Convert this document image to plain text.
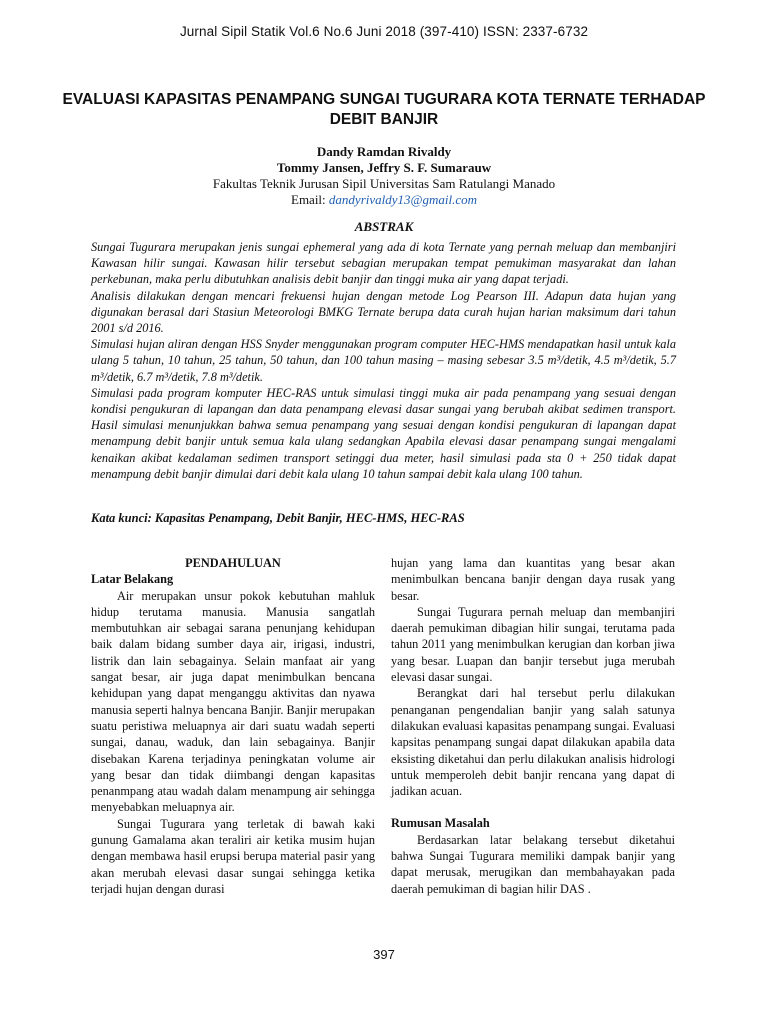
Jurnal Sipil Statik Vol.6 No.6 Juni 2018 (397-410) ISSN: 2337-6732
EVALUASI KAPASITAS PENAMPANG SUNGAI TUGURARA KOTA TERNATE TERHADAP DEBIT BANJIR
Dandy Ramdan Rivaldy
Tommy Jansen, Jeffry S. F. Sumarauw
Fakultas Teknik Jurusan Sipil Universitas Sam Ratulangi Manado
Email: dandyrivaldy13@gmail.com
ABSTRAK

Sungai Tugurara merupakan jenis sungai ephemeral yang ada di kota Ternate yang pernah meluap dan membanjiri Kawasan hilir sungai. Kawasan hilir tersebut sebagian merupakan tempat pemukiman masyarakat dan lahan perkebunan, maka perlu dibutuhkan analisis debit banjir dan tinggi muka air yang dapat terjadi.

Analisis dilakukan dengan mencari frekuensi hujan dengan metode Log Pearson III. Adapun data hujan yang digunakan berasal dari Stasiun Meteorologi BMKG Ternate berupa data curah hujan harian maksimum dari tahun 2001 s/d 2016.

Simulasi hujan aliran dengan HSS Snyder menggunakan program computer HEC-HMS mendapatkan hasil untuk kala ulang 5 tahun, 10 tahun, 25 tahun, 50 tahun, dan 100 tahun masing – masing sebesar 3.5 m³/detik, 4.5 m³/detik, 5.7 m³/detik, 6.7 m³/detik, 7.8 m³/detik.

Simulasi pada program komputer HEC-RAS untuk simulasi tinggi muka air pada penampang yang sesuai dengan kondisi pengukuran di lapangan dan data penampang elevasi dasar sungai yang berubah akibat sedimen transport. Hasil simulasi menunjukkan bahwa semua penampang yang sesuai dengan kondisi pengukuran di lapangan dapat menampung debit banjir untuk semua kala ulang sedangkan Apabila elevasi dasar penampang sungai mengalami kenaikan akibat kedalaman sedimen transport setinggi dua meter, hasil simulasi pada sta 0 + 250 tidak dapat menampung debit banjir dimulai dari debit kala ulang 10 tahun sampai debit kala ulang 100 tahun.

Kata kunci: Kapasitas Penampang, Debit Banjir, HEC-HMS, HEC-RAS

PENDAHULUAN

Latar Belakang

Air merupakan unsur pokok kebutuhan mahluk hidup terutama manusia. Manusia sangatlah membutuhkan air sebagai sarana penunjang kehidupan baik dalam bidang sumber daya air, irigasi, industri, listrik dan lain sebagainya. Selain manfaat air yang sangat besar, air juga dapat menimbulkan bencana kehidupan yang dapat menganggu aktivitas dan nyawa manusia seperti halnya bencana Banjir. Banjir merupakan suatu peristiwa meluapnya air dari suatu wadah seperti sungai, danau, waduk, dan lain sebagainya. Banjir disebakan Karena terjadinya peningkatan volume air yang besar dan tidak diimbangi dengan kapasitas penanmpang atau wadah dalam menampung air sehingga menyebabkan meluapnya air.

Sungai Tugurara yang terletak di bawah kaki gunung Gamalama akan teraliri air ketika musim hujan dengan membawa hasil erupsi berupa material pasir yang akan merubah elevasi dasar sungai sehingga ketika terjadi hujan dengan durasi

hujan yang lama dan kuantitas yang besar akan menimbulkan bencana banjir dengan daya rusak yang besar.

Sungai Tugurara pernah meluap dan membanjiri daerah pemukiman dibagian hilir sungai, terutama pada tahun 2011 yang menimbulkan kerugian dan korban jiwa yang besar. Luapan dan banjir tersebut juga merubah elevasi dasar sungai.

Berangkat dari hal tersebut perlu dilakukan penanganan pengendalian banjir yang salah satunya dilakukan evaluasi kapasitas penampang sungai. Evaluasi kapsitas penampang sungai dapat dilakukan apabila data eksisting diketahui dan perlu dilakukan analisis hidrologi untuk memperoleh debit banjir rencana yang dapat di jadikan acuan.

Rumusan Masalah

Berdasarkan latar belakang tersebut diketahui bahwa Sungai Tugurara memiliki dampak banjir yang dapat merusak, merugikan dan membahayakan pada daerah pemukiman di bagian hilir DAS .

397
